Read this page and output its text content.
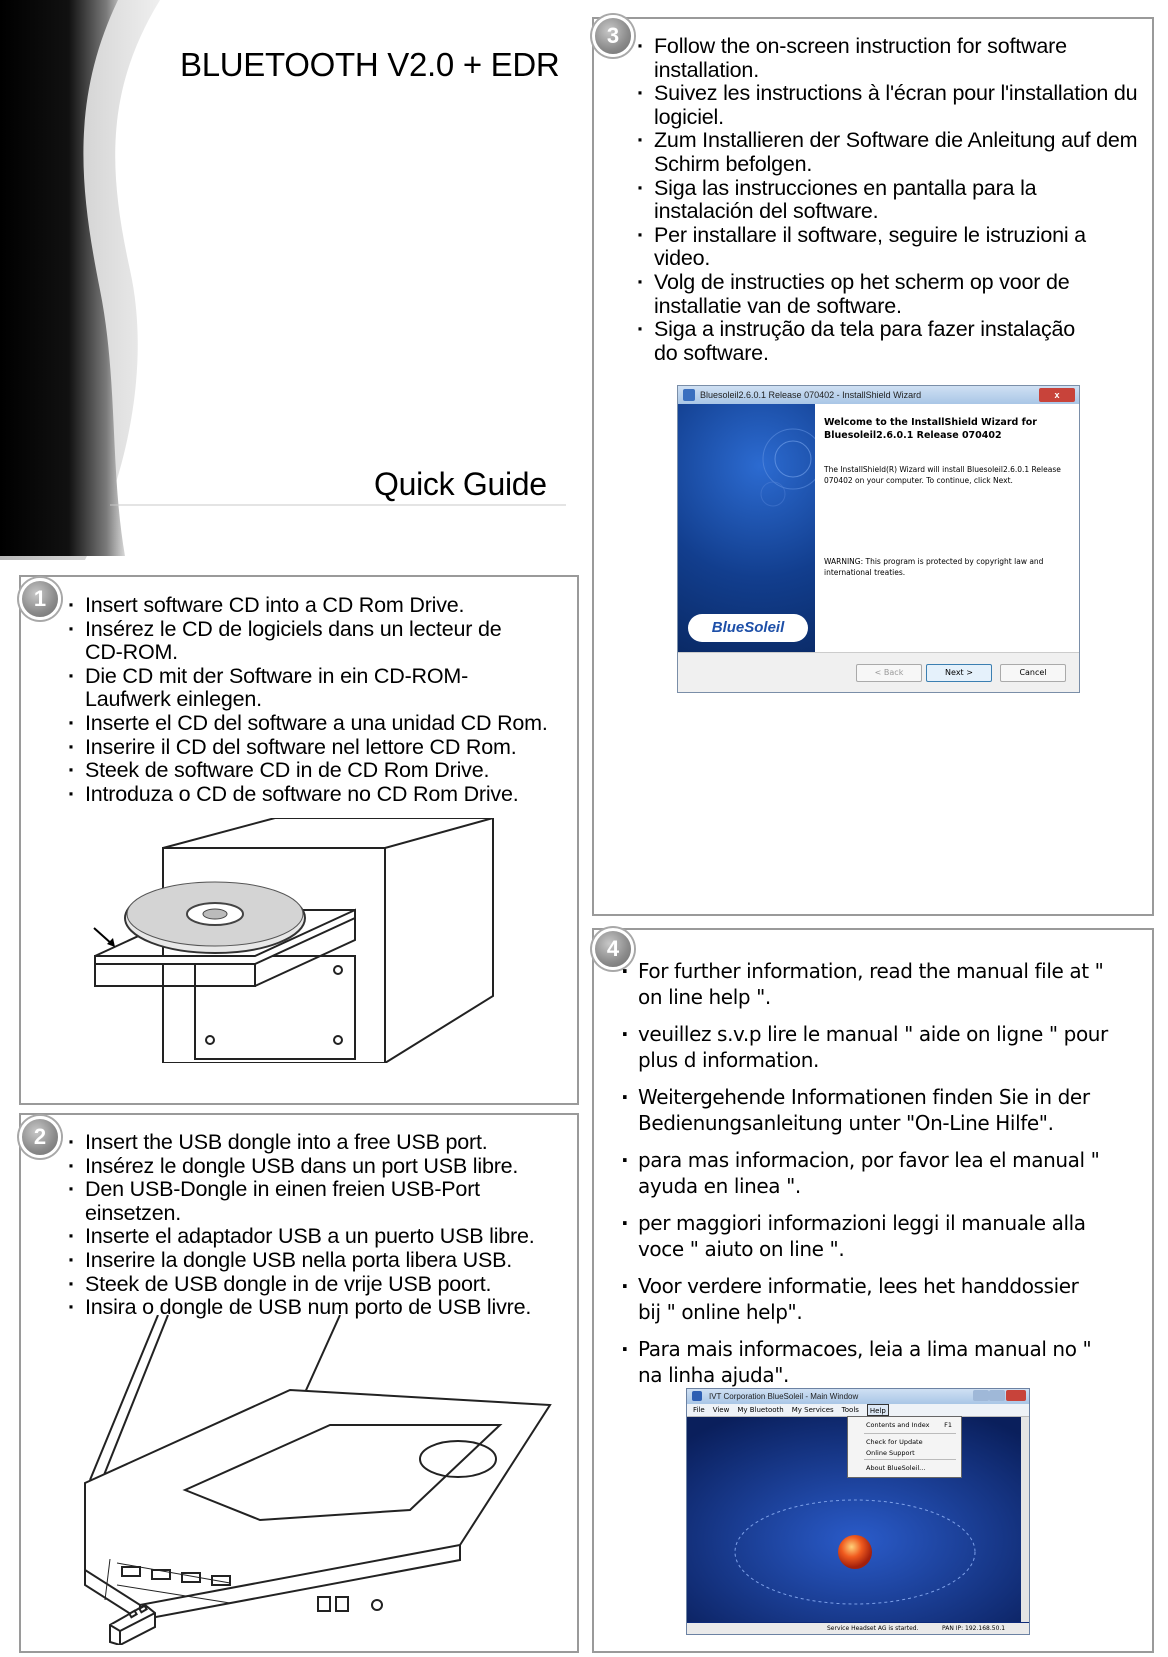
BLUETOOTH V2.0 + EDR
Quick Guide
1	· Insert software CD into a CD Rom Drive.
· Insérez le CD de logiciels dans un lecteur de CD-ROM.
· Die CD mit der Software in ein CD-ROM-Laufwerk einlegen.
· Inserte el CD del software a una unidad CD Rom.
· Inserire il CD del software nel lettore CD Rom.
· Steek de software CD in de CD Rom Drive.
· Introduza o CD de software no CD Rom Drive.
2	· Insert the USB dongle into a free USB port.
· Insérez le dongle USB dans un port USB libre.
· Den USB-Dongle in einen freien USB-Port einsetzen.
· Inserte el adaptador USB a un puerto USB libre.
· Inserire la dongle USB nella porta libera USB.
· Steek de USB dongle in de vrije USB poort.
· Insira o dongle de USB num porto de USB livre.
3	· Follow the on-screen instruction for software installation.
· Suivez les instructions à l'écran pour l'installation du logiciel.
· Zum Installieren der Software die Anleitung auf dem Schirm befolgen.
· Siga las instrucciones en pantalla para la instalación del software.
· Per installare il software, seguire le istruzioni a video.
· Volg de instructies op het scherm op voor de installatie van de software.
· Siga a instrução da tela para fazer instalação do software.
Bluesoleil2.6.0.1 Release 070402 - InstallShield Wizard	x
BlueSoleil
Welcome to the InstallShield Wizard for Bluesoleil2.6.0.1 Release 070402
The InstallShield(R) Wizard will install Bluesoleil2.6.0.1 Release 070402 on your computer. To continue, click Next.
WARNING: This program is protected by copyright law and international treaties.
< Back	Next >	Cancel
4
· For further information, read the manual file at " on line help ".
· veuillez s.v.p lire le manual " aide on ligne " pour plus d information.
· Weitergehende Informationen finden Sie in der Bedienungsanleitung unter "On-Line Hilfe".
· para mas informacion, por favor lea el manual " ayuda en linea ".
· per maggiori informazioni leggi il manuale alla voce " aiuto on line ".
· Voor verdere informatie, lees het handdossier bij " online help".
· Para mais informacoes, leia a lima manual no " na linha ajuda".
IVT Corporation BlueSoleil - Main Window
File View My Bluetooth My Services Tools	Help
Contents and Index F1
Check for Update
Online Support
About BlueSoleil...
Service Headset AG is started.	PAN IP: 192.168.50.1
